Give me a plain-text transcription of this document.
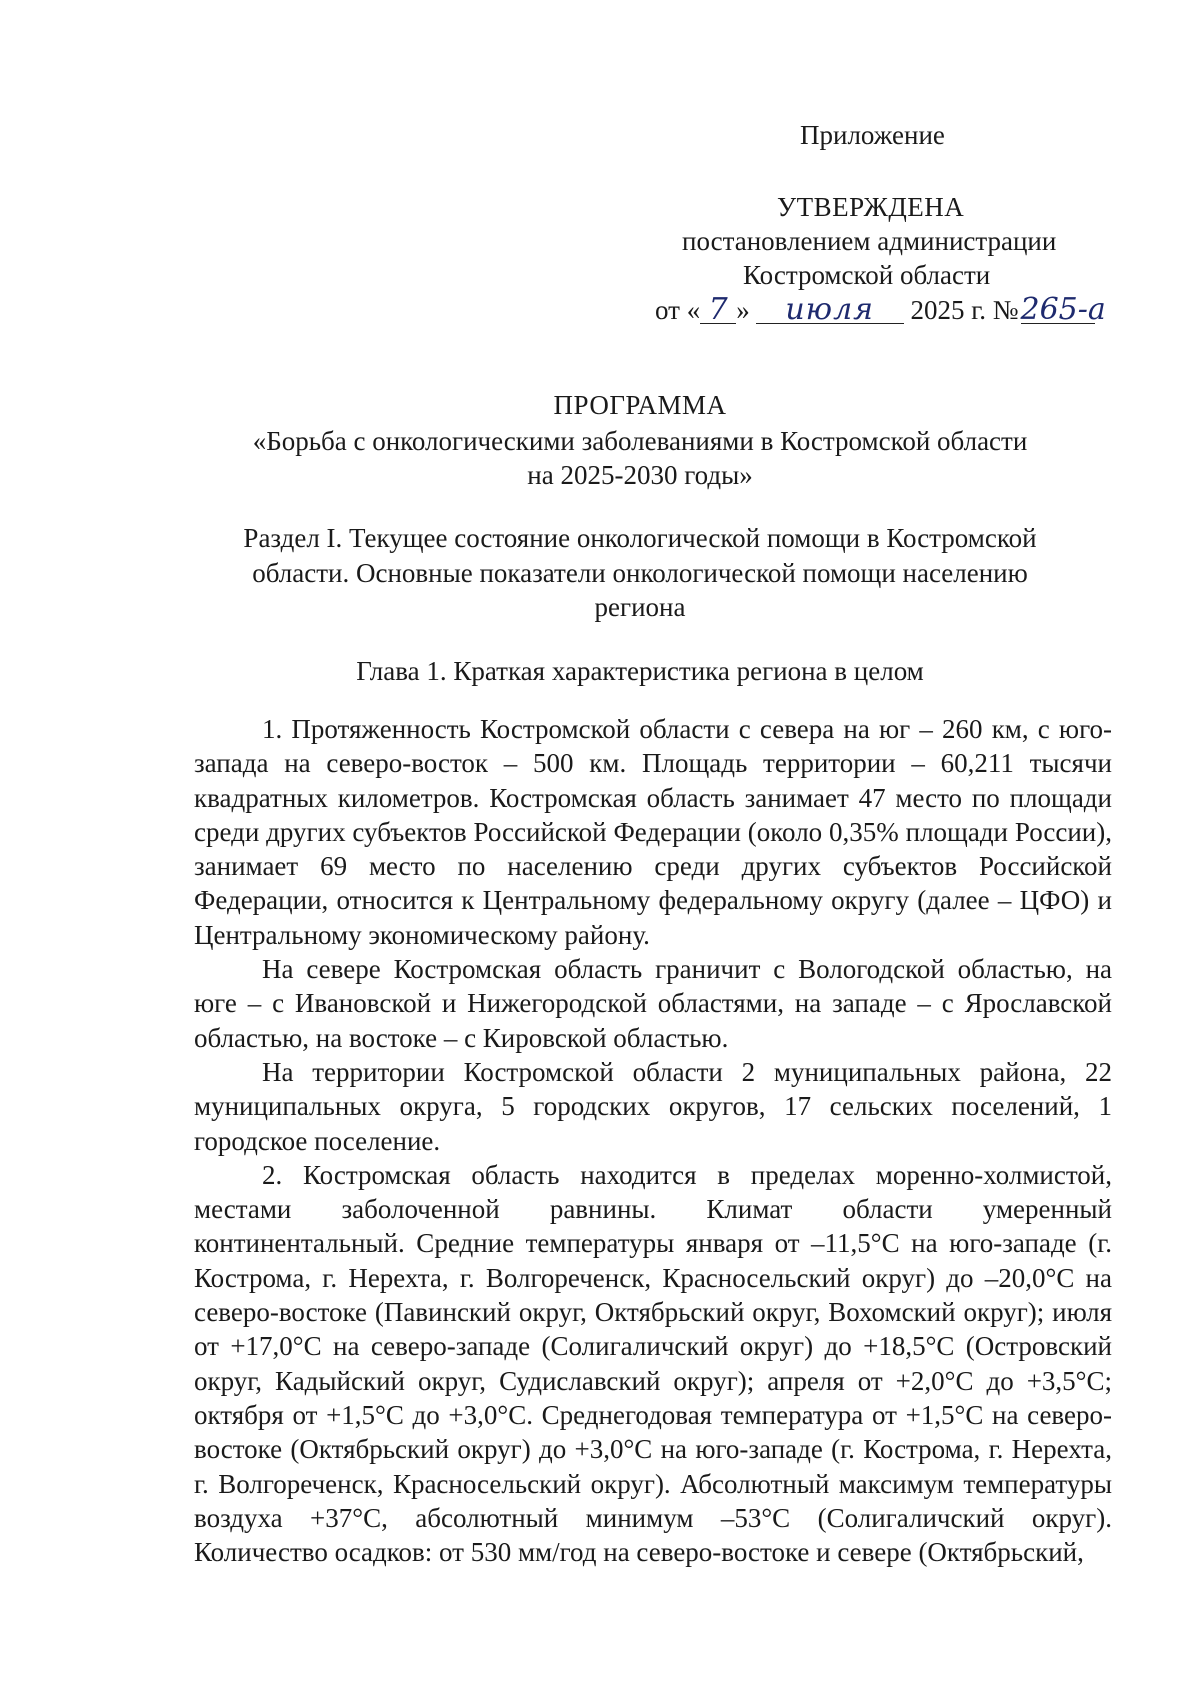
Приложение
УТВЕРЖДЕНА
постановлением администрации
Костромской области
от « 7 » июля 2025 г. №265-а
ПРОГРАММА
«Борьба с онкологическими заболеваниями в Костромской области
на 2025-2030 годы»
Раздел I. Текущее состояние онкологической помощи в Костромской
области. Основные показатели онкологической помощи населению
региона
Глава 1. Краткая характеристика региона в целом

1. Протяженность Костромской области с севера на юг – 260 км, с юго-запада на северо-восток – 500 км. Площадь территории – 60,211 тысячи квадратных километров. Костромская область занимает 47 место по площади среди других субъектов Российской Федерации (около 0,35% площади России), занимает 69 место по населению среди других субъектов Российской Федерации, относится к Центральному федеральному округу (далее – ЦФО) и Центральному экономическому району.

На севере Костромская область граничит с Вологодской областью, на юге – с Ивановской и Нижегородской областями, на западе – с Ярославской областью, на востоке – с Кировской областью.

На территории Костромской области 2 муниципальных района, 22 муниципальных округа, 5 городских округов, 17 сельских поселений, 1 городское поселение.

2. Костромская область находится в пределах моренно-холмистой, местами заболоченной равнины. Климат области умеренный континентальный. Средние температуры января от –11,5°С на юго-западе (г. Кострома, г. Нерехта, г. Волгореченск, Красносельский округ) до –20,0°С на северо-востоке (Павинский округ, Октябрьский округ, Вохомский округ); июля от +17,0°С на северо-западе (Солигаличский округ) до +18,5°С (Островский округ, Кадыйский округ, Судиславский округ); апреля от +2,0°С до +3,5°С; октября от +1,5°С до +3,0°С. Среднегодовая температура от +1,5°С на северо-востоке (Октябрьский округ) до +3,0°С на юго-западе (г. Кострома, г. Нерехта, г. Волгореченск, Красносельский округ). Абсолютный максимум температуры воздуха +37°С, абсолютный минимум –53°С (Солигаличский округ). Количество осадков: от 530 мм/год на северо-востоке и севере (Октябрьский,
